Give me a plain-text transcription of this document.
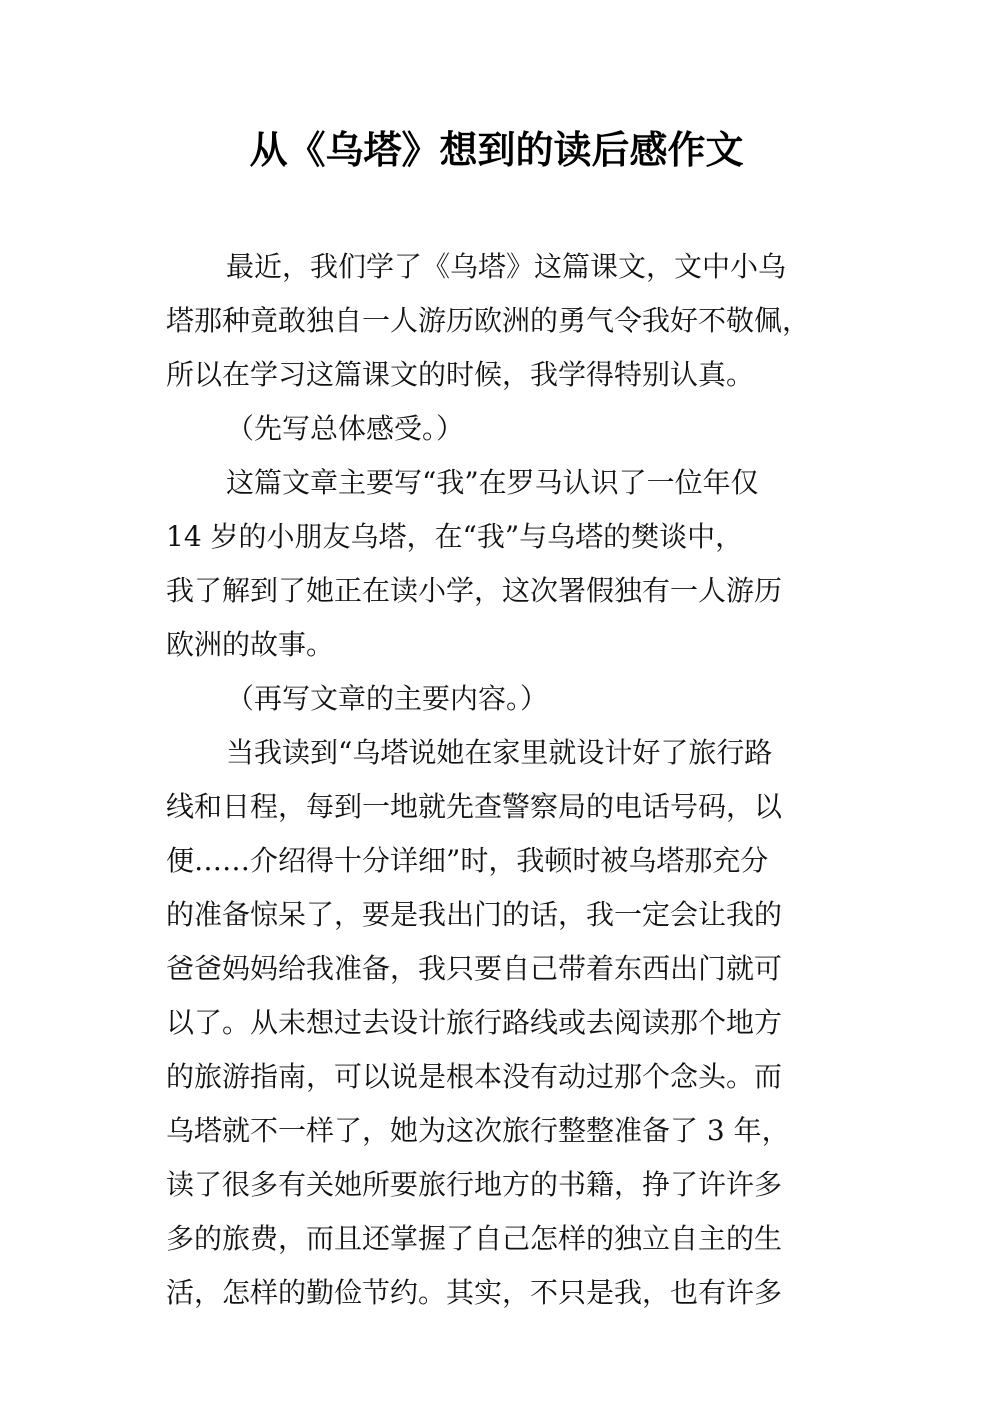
从《乌塔》想到的读后感作文
最近，我们学了《乌塔》这篇课文，文中小乌
塔那种竟敢独自一人游历欧洲的勇气令我好不敬佩，
所以在学习这篇课文的时候，我学得特别认真。
（先写总体感受。）
这篇文章主要写“我”在罗马认识了一位年仅
14 岁的小朋友乌塔，在“我”与乌塔的樊谈中，
我了解到了她正在读小学，这次署假独有一人游历
欧洲的故事。
（再写文章的主要内容。）
当我读到“乌塔说她在家里就设计好了旅行路
线和日程，每到一地就先查警察局的电话号码，以
便……介绍得十分详细”时，我顿时被乌塔那充分
的准备惊呆了，要是我出门的话，我一定会让我的
爸爸妈妈给我准备，我只要自己带着东西出门就可
以了。从未想过去设计旅行路线或去阅读那个地方
的旅游指南，可以说是根本没有动过那个念头。而
乌塔就不一样了，她为这次旅行整整准备了 3 年，
读了很多有关她所要旅行地方的书籍，挣了许许多
多的旅费，而且还掌握了自己怎样的独立自主的生
活，怎样的勤俭节约。其实，不只是我，也有许多
